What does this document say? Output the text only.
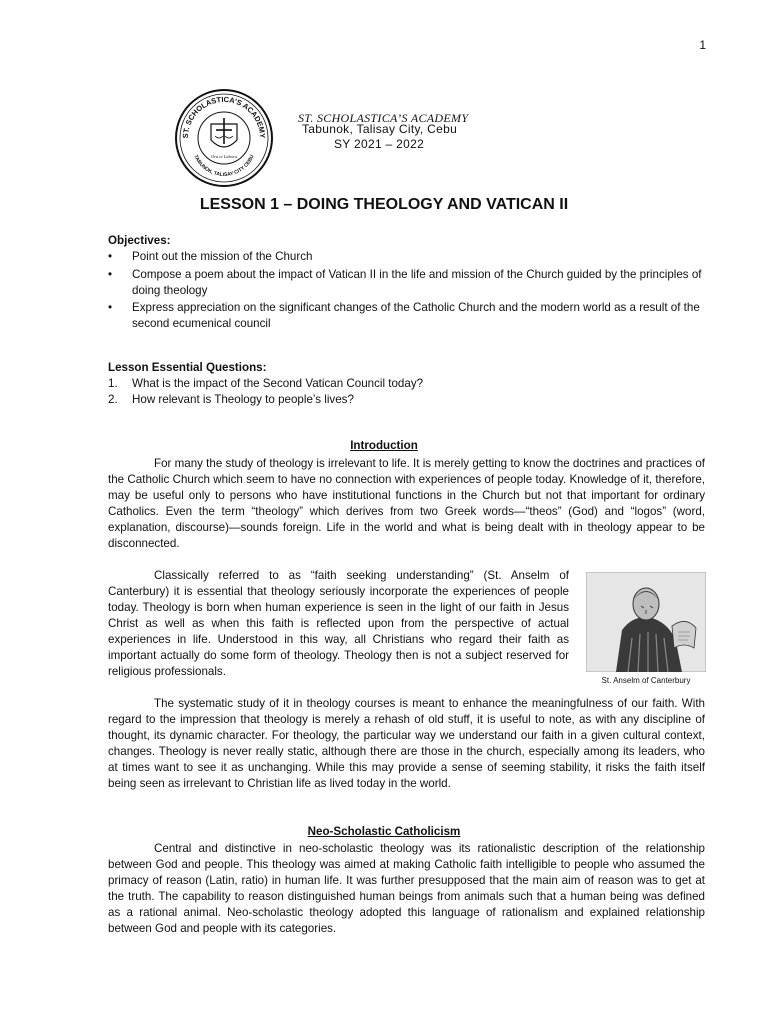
1
ST. SCHOLASTICA’S ACADEMY
TABUNOK, TALISAY CITY CEBU
Ora et Labora
ST. SCHOLASTICA’S ACADEMY
Tabunok, Talisay City, Cebu
SY 2021 – 2022
LESSON 1 – DOING THEOLOGY AND VATICAN II

Objectives:

• Point out the mission of the Church
• Compose a poem about the impact of Vatican II in the life and mission of the Church guided by the principles of doing theology
• Express appreciation on the significant changes of the Catholic Church and the modern world as a result of the second ecumenical council

Lesson Essential Questions:

1. What is the impact of the Second Vatican Council today?
2. How relevant is Theology to people’s lives?
Introduction

For many the study of theology is irrelevant to life. It is merely getting to know the doctrines and practices of the Catholic Church which seem to have no connection with experiences of people today. Knowledge of it, therefore, may be useful only to persons who have institutional functions in the Church but not that important for ordinary Catholics. Even the term “theology” which derives from two Greek words—“theos” (God) and “logos” (word, explanation, discourse)—sounds foreign. Life in the world and what is being dealt with in theology appear to be disconnected.

Classically referred to as “faith seeking understanding” (St. Anselm of Canterbury) it is essential that theology seriously incorporate the experiences of people today. Theology is born when human experience is seen in the light of our faith in Jesus Christ as well as when this faith is reflected upon from the perspective of actual experiences in life. Understood in this way, all Christians who regard their faith as important actually do some form of theology. Theology then is not a subject reserved for religious professionals.

St. Anselm of Canterbury

The systematic study of it in theology courses is meant to enhance the meaningfulness of our faith. With regard to the impression that theology is merely a rehash of old stuff, it is useful to note, as with any discipline of thought, its dynamic character. For theology, the particular way we understand our faith in a given cultural context, changes. Theology is never really static, although there are those in the church, especially among its leaders, who at times want to see it as unchanging. While this may provide a sense of seeming stability, it risks the faith itself being seen as irrelevant to Christian life as lived today in the world.

Neo-Scholastic Catholicism

Central and distinctive in neo-scholastic theology was its rationalistic description of the relationship between God and people. This theology was aimed at making Catholic faith intelligible to people who assumed the primacy of reason (Latin, ratio) in human life. It was further presupposed that the main aim of reason was to get at the truth. The capability to reason distinguished human beings from animals such that a human being was defined as a rational animal. Neo-scholastic theology adopted this language of rationalism and explained relationship between God and people with its categories.
